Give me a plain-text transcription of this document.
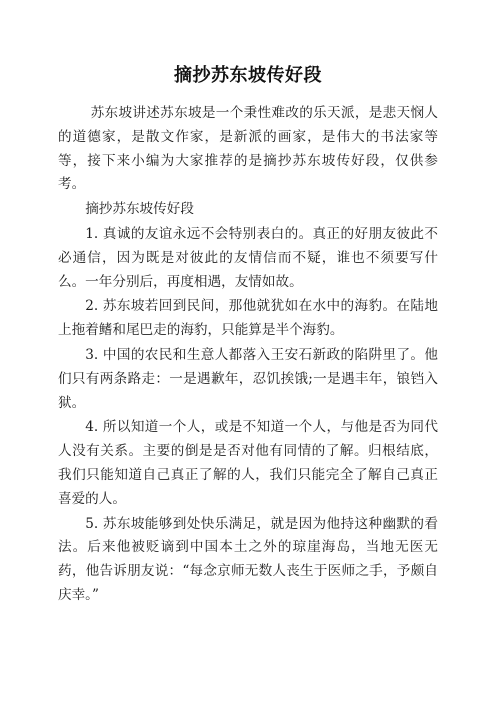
摘抄苏东坡传好段

苏东坡讲述苏东坡是一个秉性难改的乐天派，是悲天悯人的道德家，是散文作家，是新派的画家，是伟大的书法家等等，接下来小编为大家推荐的是摘抄苏东坡传好段，仅供参考。

摘抄苏东坡传好段

1. 真诚的友谊永远不会特别表白的。真正的好朋友彼此不必通信，因为既是对彼此的友情信而不疑，谁也不须要写什么。一年分别后，再度相遇，友情如故。

2. 苏东坡若回到民间，那他就犹如在水中的海豹。在陆地上拖着鳍和尾巴走的海豹，只能算是半个海豹。

3. 中国的农民和生意人都落入王安石新政的陷阱里了。他们只有两条路走：一是遇歉年，忍饥挨饿;一是遇丰年，锒铛入狱。

4. 所以知道一个人，或是不知道一个人，与他是否为同代人没有关系。主要的倒是是否对他有同情的了解。归根结底，我们只能知道自己真正了解的人，我们只能完全了解自己真正喜爱的人。

5. 苏东坡能够到处快乐满足，就是因为他持这种幽默的看法。后来他被贬谪到中国本土之外的琼崖海岛，当地无医无药，他告诉朋友说：“每念京师无数人丧生于医师之手，予颇自庆幸。”
